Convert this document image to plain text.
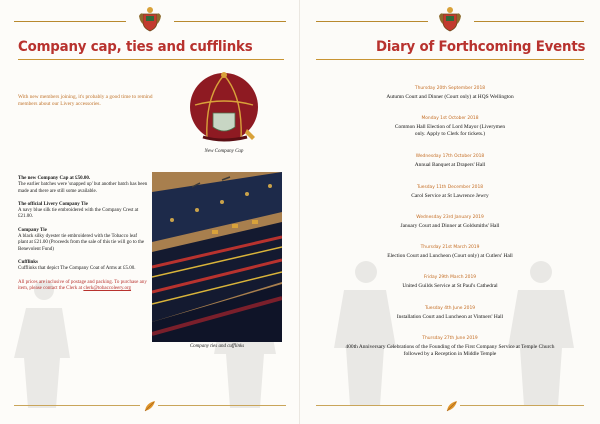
Company cap, ties and cufflinks
With new members joining, it's probably a good time to remind members about our Livery accessories.
New Company Cap
The new Company Cap at £50.00.
The earlier batches were 'snapped up' but another batch has been made and there are still some available.
The official Livery Company Tie
A navy blue silk tie embroidered with the Company Crest at £21.00.
Company Tie
A black silky dyester tie embroidered with the Tobacco leaf plant at £21.00 (Proceeds from the sale of this tie will go to the Benevolent Fund)
Cufflinks
Cufflinks that depict The Company Coat of Arms at £5.00.
All prices are inclusive of postage and packing. To purchase any item, please contact the Clerk at clerk@tobaccoleery.org
Company ties and cufflinks
Diary of Forthcoming Events
Thursday 20th September 2018
Autumn Court and Dinner (Court only) at HQS Wellington
Monday 1st October 2018
Common Hall Election of Lord Mayor (Liverymen only. Apply to Clerk for tickets.)
Wednesday 17th October 2018
Annual Banquet at Drapers' Hall
Tuesday 11th December 2018
Carol Service at St Lawrence Jewry
Wednesday 23rd January 2019
January Court and Dinner at Goldsmiths' Hall
Thursday 21st March 2019
Election Court and Luncheon (Court only) at Cutlers' Hall
Friday 29th March 2019
United Guilds Service at St Paul's Cathedral
Tuesday 4th June 2019
Installation Court and Luncheon at Vintners' Hall
Thursday 27th June 2019
400th Anniversary Celebrations of the Founding of the First Company Service at Temple Church followed by a Reception in Middle Temple
